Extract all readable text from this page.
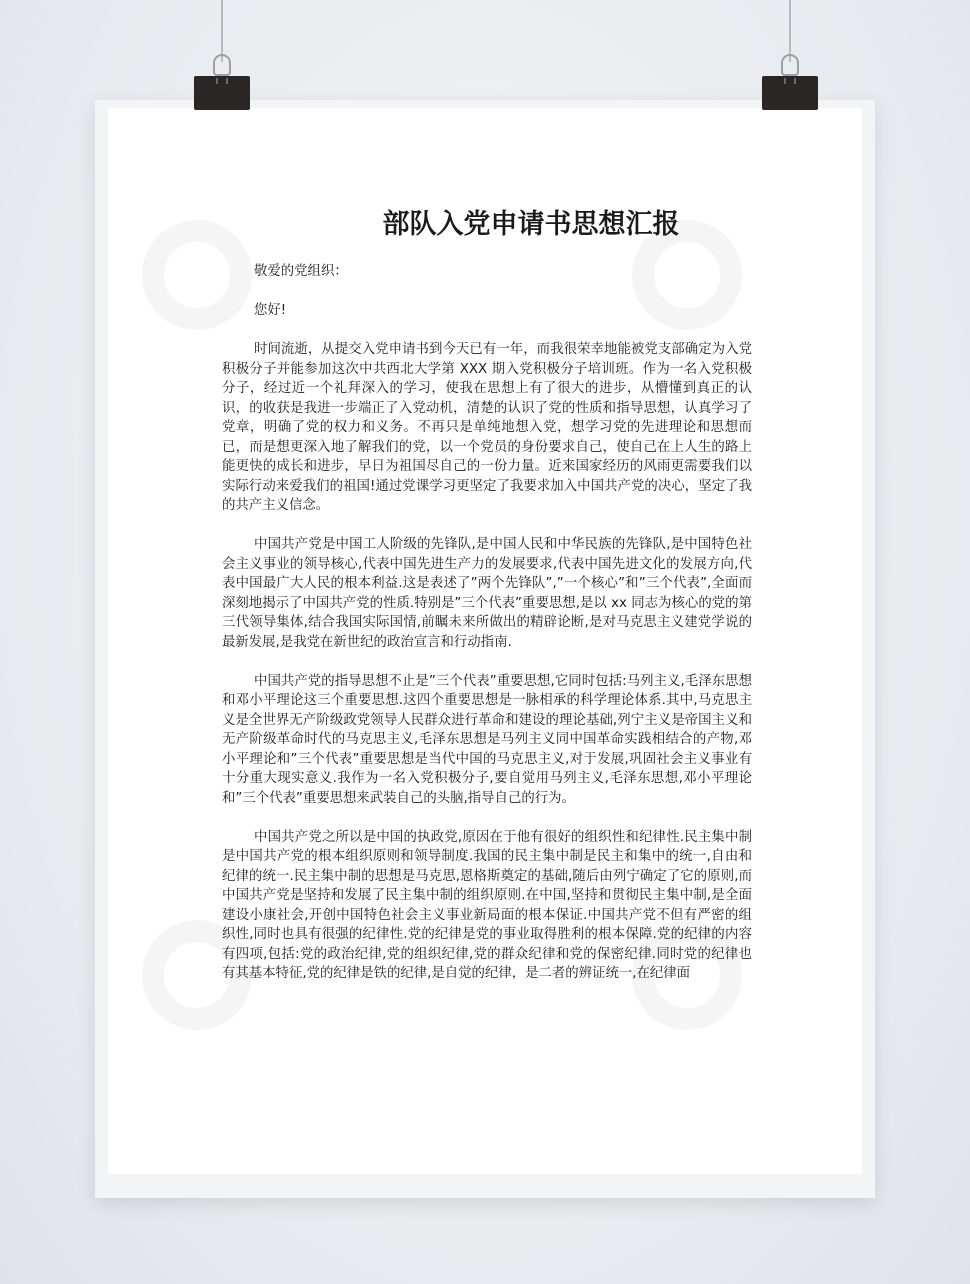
部队入党申请书思想汇报

敬爱的党组织：

您好!

时间流逝，从提交入党申请书到今天已有一年，而我很荣幸地能被党支部确定为入党积极分子并能参加这次中共西北大学第 XXX 期入党积极分子培训班。作为一名入党积极分子，经过近一个礼拜深入的学习，使我在思想上有了很大的进步，从懵懂到真正的认识，的收获是我进一步端正了入党动机，清楚的认识了党的性质和指导思想，认真学习了党章，明确了党的权力和义务。不再只是单纯地想入党，想学习党的先进理论和思想而已，而是想更深入地了解我们的党，以一个党员的身份要求自己，使自己在上人生的路上能更快的成长和进步，早日为祖国尽自己的一份力量。近来国家经历的风雨更需要我们以实际行动来爱我们的祖国!通过党课学习更坚定了我要求加入中国共产党的决心，坚定了我的共产主义信念。

中国共产党是中国工人阶级的先锋队,是中国人民和中华民族的先锋队,是中国特色社会主义事业的领导核心,代表中国先进生产力的发展要求,代表中国先进文化的发展方向,代表中国最广大人民的根本利益.这是表述了”两个先锋队”,”一个核心”和”三个代表”,全面而深刻地揭示了中国共产党的性质.特别是”三个代表”重要思想,是以 xx 同志为核心的党的第三代领导集体,结合我国实际国情,前瞩未来所做出的精辟论断,是对马克思主义建党学说的最新发展,是我党在新世纪的政治宣言和行动指南.

中国共产党的指导思想不止是”三个代表”重要思想,它同时包括:马列主义,毛泽东思想和邓小平理论这三个重要思想.这四个重要思想是一脉相承的科学理论体系.其中,马克思主义是全世界无产阶级政党领导人民群众进行革命和建设的理论基础,列宁主义是帝国主义和无产阶级革命时代的马克思主义,毛泽东思想是马列主义同中国革命实践相结合的产物,邓小平理论和”三个代表”重要思想是当代中国的马克思主义,对于发展,巩固社会主义事业有十分重大现实意义.我作为一名入党积极分子,要自觉用马列主义,毛泽东思想,邓小平理论和”三个代表”重要思想来武装自己的头脑,指导自己的行为。

中国共产党之所以是中国的执政党,原因在于他有很好的组织性和纪律性.民主集中制是中国共产党的根本组织原则和领导制度.我国的民主集中制是民主和集中的统一,自由和纪律的统一.民主集中制的思想是马克思,恩格斯奠定的基础,随后由列宁确定了它的原则,而中国共产党是坚持和发展了民主集中制的组织原则.在中国,坚持和贯彻民主集中制,是全面建设小康社会,开创中国特色社会主义事业新局面的根本保证.中国共产党不但有严密的组织性,同时也具有很强的纪律性.党的纪律是党的事业取得胜利的根本保障.党的纪律的内容有四项,包括:党的政治纪律,党的组织纪律,党的群众纪律和党的保密纪律.同时党的纪律也有其基本特征,党的纪律是铁的纪律,是自觉的纪律，是二者的辨证统一,在纪律面
